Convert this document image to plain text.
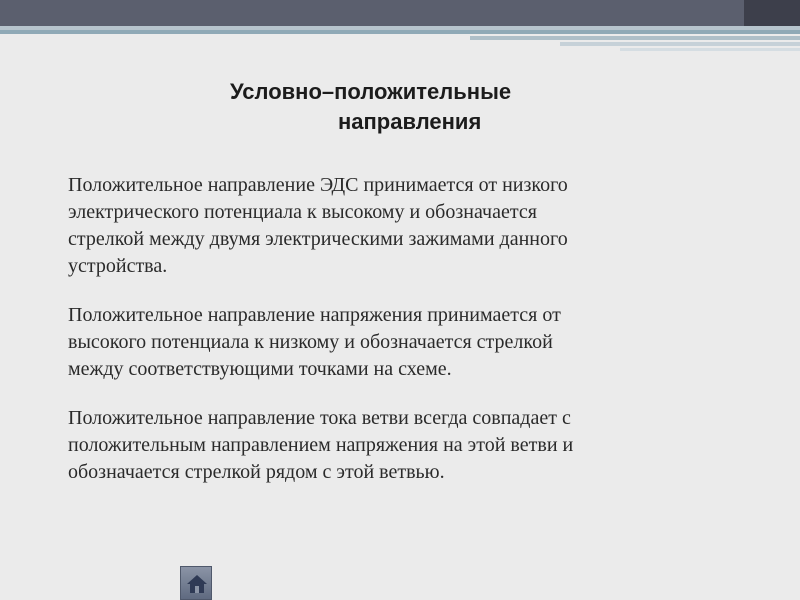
Условно–положительные
направления

Положительное направление ЭДС принимается от низкого
электрического потенциала к высокому и обозначается
стрелкой между двумя электрическими зажимами данного
устройства.

Положительное направление напряжения принимается от
высокого потенциала к низкому и обозначается стрелкой
между соответствующими точками на схеме.

Положительное направление тока ветви всегда совпадает с
положительным направлением напряжения на этой ветви и
обозначается стрелкой рядом с этой ветвью.
